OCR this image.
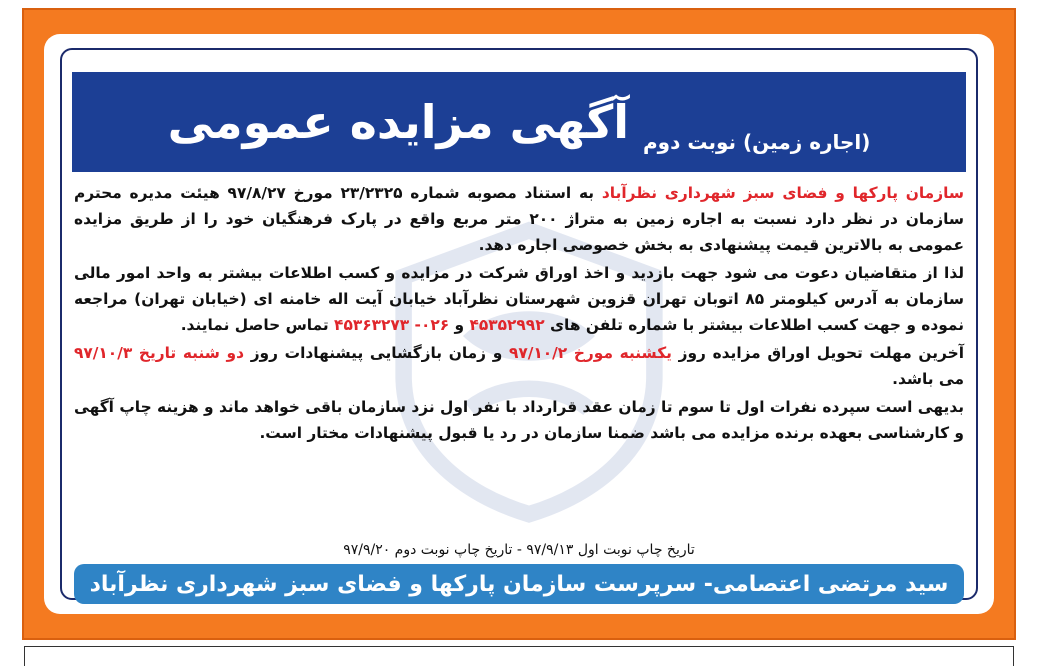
آگهی مزایده عمومی (اجاره زمین) نوبت دوم

سازمان پارکها و فضای سبز شهرداری نظرآباد به استناد مصوبه شماره ۲۳/۲۳۲۵ مورخ ۹۷/۸/۲۷ هیئت مدیره محترم سازمان در نظر دارد نسبت به اجاره زمین به متراژ ۲۰۰ متر مربع واقع در پارک فرهنگیان خود را از طریق مزایده عمومی به بالاترین قیمت پیشنهادی به بخش خصوصی اجاره دهد.

لذا از متقاضیان دعوت می شود جهت بازدید و اخذ اوراق شرکت در مزایده و کسب اطلاعات بیشتر به واحد امور مالی سازمان به آدرس کیلومتر ۸۵ اتوبان تهران قزوین شهرستان نظرآباد خیابان آیت اله خامنه ای (خیابان تهران) مراجعه نموده و جهت کسب اطلاعات بیشتر با شماره تلفن های ۴۵۳۵۲۹۹۲ و ۰۲۶- ۴۵۳۶۳۲۷۳ تماس حاصل نمایند.

آخرین مهلت تحویل اوراق مزایده روز یکشنبه مورخ ۹۷/۱۰/۲ و زمان بازگشایی پیشنهادات روز دو شنبه تاریخ ۹۷/۱۰/۳ می باشد.

بدیهی است سپرده نفرات اول تا سوم تا زمان عقد قرارداد با نفر اول نزد سازمان باقی خواهد ماند و هزینه چاپ آگهی و کارشناسی بعهده برنده مزایده می باشد ضمنا سازمان در رد یا قبول پیشنهادات مختار است.

تاریخ چاپ نوبت اول ۹۷/۹/۱۳ - تاریخ چاپ نوبت دوم ۹۷/۹/۲۰
سید مرتضی اعتصامی- سرپرست سازمان پارکها و فضای سبز شهرداری نظرآباد
